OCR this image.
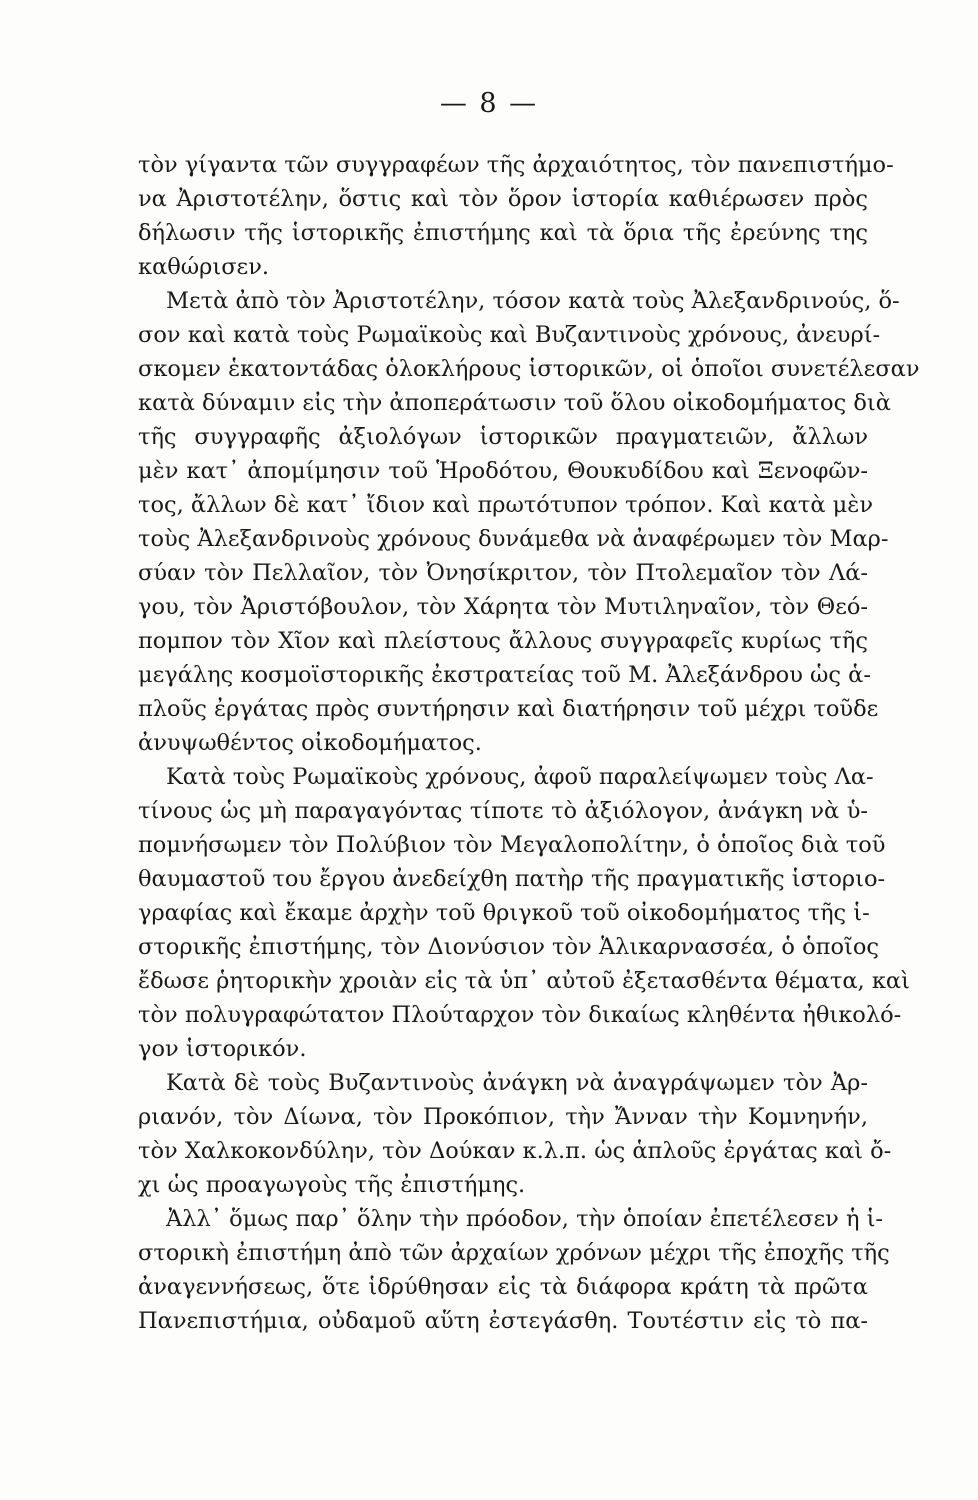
— 8 —
τὸν γίγαντα τῶν συγγραφέων τῆς ἀρχαιότητος, τὸν πανεπιστήμο-
να Ἀριστοτέλην, ὅστις καὶ τὸν ὅρον ἱστορία καθιέρωσεν πρὸς
δήλωσιν τῆς ἱστορικῆς ἐπιστήμης καὶ τὰ ὅρια τῆς ἐρεύνης της
καθώρισεν.
Μετὰ ἀπὸ τὸν Ἀριστοτέλην, τόσον κατὰ τοὺς Ἀλεξανδρινούς, ὅ-
σον καὶ κατὰ τοὺς Ρωμαϊκοὺς καὶ Βυζαντινοὺς χρόνους, ἀνευρί-
σκομεν ἑκατοντάδας ὁλοκλήρους ἱστορικῶν, οἱ ὁποῖοι συνετέλεσαν
κατὰ δύναμιν εἰς τὴν ἀποπεράτωσιν τοῦ ὅλου οἰκοδομήματος διὰ
τῆς συγγραφῆς ἀξιολόγων ἱστορικῶν πραγματειῶν, ἄλλων
μὲν κατ᾿ ἀπομίμησιν τοῦ Ἡροδότου, Θουκυδίδου καὶ Ξενοφῶν-
τος, ἄλλων δὲ κατ᾿ ἴδιον καὶ πρωτότυπον τρόπον. Καὶ κατὰ μὲν
τοὺς Ἀλεξανδρινοὺς χρόνους δυνάμεθα νὰ ἀναφέρωμεν τὸν Μαρ-
σύαν τὸν Πελλαῖον, τὸν Ὀνησίκριτον, τὸν Πτολεμαῖον τὸν Λά-
γου, τὸν Ἀριστόβουλον, τὸν Χάρητα τὸν Μυτιληναῖον, τὸν Θεό-
πομπον τὸν Χῖον καὶ πλείστους ἄλλους συγγραφεῖς κυρίως τῆς
μεγάλης κοσμοϊστορικῆς ἐκστρατείας τοῦ Μ. Ἀλεξάνδρου ὡς ἁ-
πλοῦς ἐργάτας πρὸς συντήρησιν καὶ διατήρησιν τοῦ μέχρι τοῦδε
ἀνυψωθέντος οἰκοδομήματος.
Κατὰ τοὺς Ρωμαϊκοὺς χρόνους, ἀφοῦ παραλείψωμεν τοὺς Λα-
τίνους ὡς μὴ παραγαγόντας τίποτε τὸ ἀξιόλογον, ἀνάγκη νὰ ὑ-
πομνήσωμεν τὸν Πολύβιον τὸν Μεγαλοπολίτην, ὁ ὁποῖος διὰ τοῦ
θαυμαστοῦ του ἔργου ἀνεδείχθη πατὴρ τῆς πραγματικῆς ἱστοριο-
γραφίας καὶ ἔκαμε ἀρχὴν τοῦ θριγκοῦ τοῦ οἰκοδομήματος τῆς ἱ-
στορικῆς ἐπιστήμης, τὸν Διονύσιον τὸν Ἁλικαρνασσέα, ὁ ὁποῖος
ἔδωσε ῥητορικὴν χροιὰν εἰς τὰ ὑπ᾿ αὐτοῦ ἐξετασθέντα θέματα, καὶ
τὸν πολυγραφώτατον Πλούταρχον τὸν δικαίως κληθέντα ἠθικολό-
γον ἱστορικόν.
Κατὰ δὲ τοὺς Βυζαντινοὺς ἀνάγκη νὰ ἀναγράψωμεν τὸν Ἀρ-
ριανόν, τὸν Δίωνα, τὸν Προκόπιον, τὴν Ἄνναν τὴν Κομνηνήν,
τὸν Χαλκοκονδύλην, τὸν Δούκαν κ.λ.π. ὡς ἁπλοῦς ἐργάτας καὶ ὄ-
χι ὡς προαγωγοὺς τῆς ἐπιστήμης.
Ἀλλ᾿ ὅμως παρ᾿ ὅλην τὴν πρόοδον, τὴν ὁποίαν ἐπετέλεσεν ἡ ἱ-
στορικὴ ἐπιστήμη ἀπὸ τῶν ἀρχαίων χρόνων μέχρι τῆς ἐποχῆς τῆς
ἀναγεννήσεως, ὅτε ἱδρύθησαν εἰς τὰ διάφορα κράτη τὰ πρῶτα
Πανεπιστήμια, οὐδαμοῦ αὕτη ἐστεγάσθη. Τουτέστιν εἰς τὸ πα-
